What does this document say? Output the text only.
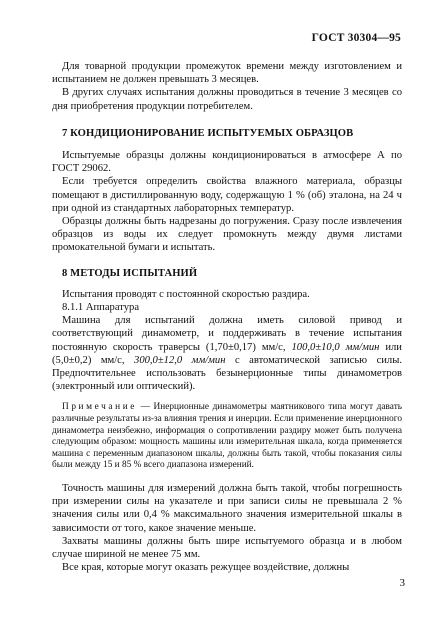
ГОСТ 30304—95

Для товарной продукции промежуток времени между изготовлением и испытанием не должен превышать 3 месяцев.

В других случаях испытания должны проводиться в течение 3 месяцев со дня приобретения продукции потребителем.

7 КОНДИЦИОНИРОВАНИЕ ИСПЫТУЕМЫХ ОБРАЗЦОВ

Испытуемые образцы должны кондиционироваться в атмосфере А по ГОСТ 29062.

Если требуется определить свойства влажного материала, образцы помещают в дистиллированную воду, содержащую 1 % (об) эталона, на 24 ч при одной из стандартных лабораторных температур.

Образцы должны быть надрезаны до погружения. Сразу после извлечения образцов из воды их следует промокнуть между двумя листами промокательной бумаги и испытать.

8 МЕТОДЫ ИСПЫТАНИЙ

Испытания проводят с постоянной скоростью раздира.

8.1.1 Аппаратура

Машина для испытаний должна иметь силовой привод и соответствующий динамометр, и поддерживать в течение испытания постоянную скорость траверсы (1,70±0,17) мм/с, 100,0±10,0 мм/мин или (5,0±0,2) мм/с, 300,0±12,0 мм/мин с автоматической записью силы. Предпочтительнее использовать безынерционные типы динамометров (электронный или оптический).

Примечание — Инерционные динамометры маятникового типа могут давать различные результаты из-за влияния трения и инерции. Если применение инерционного динамометра неизбежно, информация о сопротивлении раздиру может быть получена следующим образом: мощность машины или измерительная шкала, когда применяется машина с переменным диапазоном шкалы, должны быть такой, чтобы показания силы были между 15 и 85 % всего диапазона измерений.

Точность машины для измерений должна быть такой, чтобы погрешность при измерении силы на указателе и при записи силы не превышала 2 % значения силы или 0,4 % максимального значения измерительной шкалы в зависимости от того, какое значение меньше.

Захваты машины должны быть шире испытуемого образца и в любом случае шириной не менее 75 мм.

Все края, которые могут оказать режущее воздействие, должны

3
